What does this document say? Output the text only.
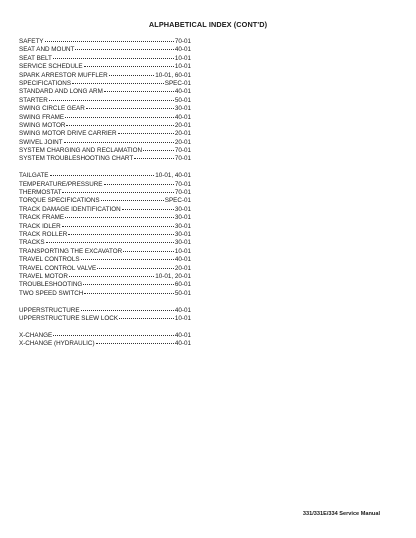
ALPHABETICAL INDEX (CONT'D)
SAFETY	70-01
SEAT AND MOUNT	40-01
SEAT BELT	10-01
SERVICE SCHEDULE	10-01
SPARK ARRESTOR MUFFLER	10-01, 60-01
SPECIFICATIONS	SPEC-01
STANDARD AND LONG ARM	40-01
STARTER	50-01
SWING CIRCLE GEAR	30-01
SWING FRAME	40-01
SWING MOTOR	20-01
SWING MOTOR DRIVE CARRIER	20-01
SWIVEL JOINT	20-01
SYSTEM CHARGING AND RECLAMATION	70-01
SYSTEM TROUBLESHOOTING CHART	70-01
TAILGATE	10-01, 40-01
TEMPERATURE/PRESSURE	70-01
THERMOSTAT	70-01
TORQUE SPECIFICATIONS	SPEC-01
TRACK DAMAGE IDENTIFICATION	30-01
TRACK FRAME	30-01
TRACK IDLER	30-01
TRACK ROLLER	30-01
TRACKS	30-01
TRANSPORTING THE EXCAVATOR	10-01
TRAVEL CONTROLS	40-01
TRAVEL CONTROL VALVE	20-01
TRAVEL MOTOR	10-01, 20-01
TROUBLESHOOTING	60-01
TWO SPEED SWITCH	50-01
UPPERSTRUCTURE	40-01
UPPERSTRUCTURE SLEW LOCK	10-01
X-CHANGE	40-01
X-CHANGE (HYDRAULIC)	40-01
331/331E/334 Service Manual
